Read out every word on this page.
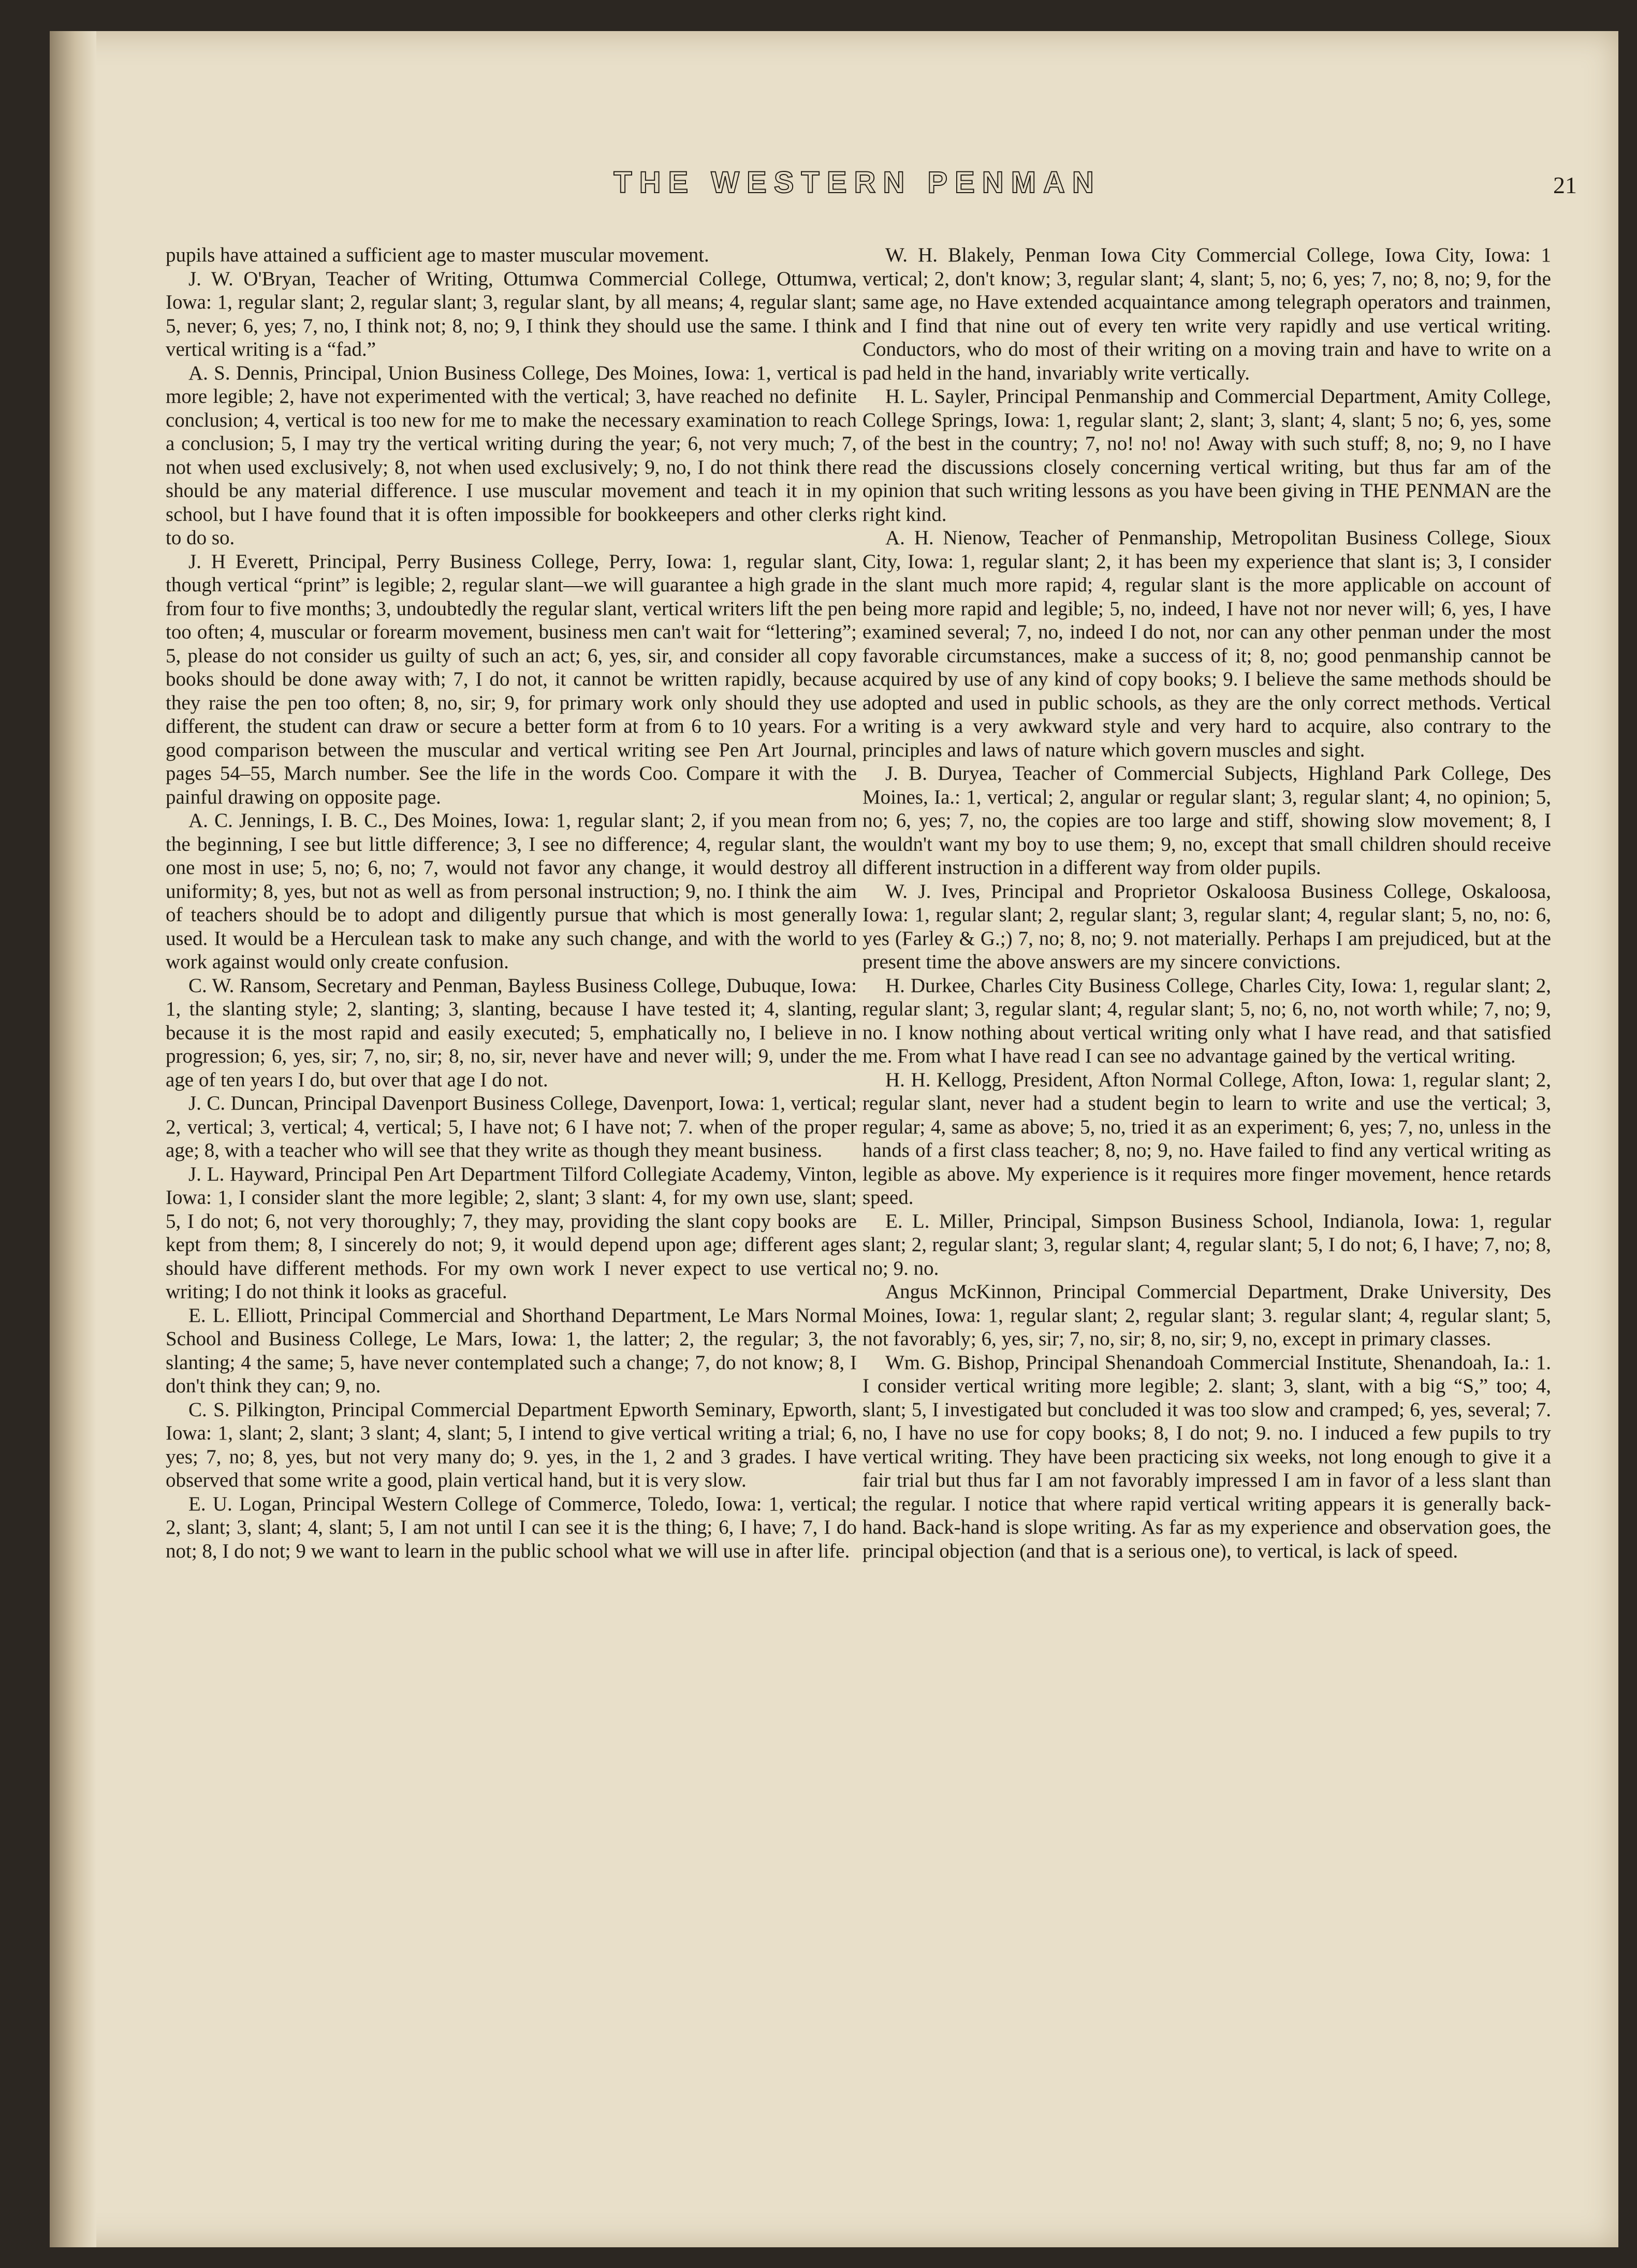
THE WESTERN PENMAN	21

pupils have attained a sufficient age to master muscular movement.

J. W. O'Bryan, Teacher of Writing, Ottumwa Commercial College, Ottumwa, Iowa: 1, regular slant; 2, regular slant; 3, regular slant, by all means; 4, regular slant; 5, never; 6, yes; 7, no, I think not; 8, no; 9, I think they should use the same. I think vertical writing is a “fad.”

A. S. Dennis, Principal, Union Business College, Des Moines, Iowa: 1, vertical is more legible; 2, have not experimented with the vertical; 3, have reached no definite conclusion; 4, vertical is too new for me to make the necessary examination to reach a conclusion; 5, I may try the vertical writing during the year; 6, not very much; 7, not when used exclusively; 8, not when used exclusively; 9, no, I do not think there should be any material difference. I use muscular movement and teach it in my school, but I have found that it is often impossible for bookkeepers and other clerks to do so.

J. H Everett, Principal, Perry Business College, Perry, Iowa: 1, regular slant, though vertical “print” is legible; 2, regular slant—we will guarantee a high grade in from four to five months; 3, undoubtedly the regular slant, vertical writers lift the pen too often; 4, muscular or forearm movement, business men can't wait for “lettering”; 5, please do not consider us guilty of such an act; 6, yes, sir, and consider all copy books should be done away with; 7, I do not, it cannot be written rapidly, because they raise the pen too often; 8, no, sir; 9, for primary work only should they use different, the student can draw or secure a better form at from 6 to 10 years. For a good comparison between the muscular and vertical writing see Pen Art Journal, pages 54–55, March number. See the life in the words Coo. Compare it with the painful drawing on opposite page.

A. C. Jennings, I. B. C., Des Moines, Iowa: 1, regular slant; 2, if you mean from the beginning, I see but little difference; 3, I see no difference; 4, regular slant, the one most in use; 5, no; 6, no; 7, would not favor any change, it would destroy all uniformity; 8, yes, but not as well as from personal instruction; 9, no. I think the aim of teachers should be to adopt and diligently pursue that which is most generally used. It would be a Herculean task to make any such change, and with the world to work against would only create confusion.

C. W. Ransom, Secretary and Penman, Bayless Business College, Dubuque, Iowa: 1, the slanting style; 2, slanting; 3, slanting, because I have tested it; 4, slanting, because it is the most rapid and easily executed; 5, emphatically no, I believe in progression; 6, yes, sir; 7, no, sir; 8, no, sir, never have and never will; 9, under the age of ten years I do, but over that age I do not.

J. C. Duncan, Principal Davenport Business College, Davenport, Iowa: 1, vertical; 2, vertical; 3, vertical; 4, vertical; 5, I have not; 6 I have not; 7. when of the proper age; 8, with a teacher who will see that they write as though they meant business.

J. L. Hayward, Principal Pen Art Department Tilford Collegiate Academy, Vinton, Iowa: 1, I consider slant the more legible; 2, slant; 3 slant: 4, for my own use, slant; 5, I do not; 6, not very thoroughly; 7, they may, providing the slant copy books are kept from them; 8, I sincerely do not; 9, it would depend upon age; different ages should have different methods. For my own work I never expect to use vertical writing; I do not think it looks as graceful.

E. L. Elliott, Principal Commercial and Shorthand Department, Le Mars Normal School and Business College, Le Mars, Iowa: 1, the latter; 2, the regular; 3, the slanting; 4 the same; 5, have never contemplated such a change; 7, do not know; 8, I don't think they can; 9, no.

C. S. Pilkington, Principal Commercial Department Epworth Seminary, Epworth, Iowa: 1, slant; 2, slant; 3 slant; 4, slant; 5, I intend to give vertical writing a trial; 6, yes; 7, no; 8, yes, but not very many do; 9. yes, in the 1, 2 and 3 grades. I have observed that some write a good, plain vertical hand, but it is very slow.

E. U. Logan, Principal Western College of Commerce, Toledo, Iowa: 1, vertical; 2, slant; 3, slant; 4, slant; 5, I am not until I can see it is the thing; 6, I have; 7, I do not; 8, I do not; 9 we want to learn in the public school what we will use in after life.

W. H. Blakely, Penman Iowa City Commercial College, Iowa City, Iowa: 1 vertical; 2, don't know; 3, regular slant; 4, slant; 5, no; 6, yes; 7, no; 8, no; 9, for the same age, no Have extended acquaintance among telegraph operators and trainmen, and I find that nine out of every ten write very rapidly and use vertical writing. Conductors, who do most of their writing on a moving train and have to write on a pad held in the hand, invariably write vertically.

H. L. Sayler, Principal Penmanship and Commercial Department, Amity College, College Springs, Iowa: 1, regular slant; 2, slant; 3, slant; 4, slant; 5 no; 6, yes, some of the best in the country; 7, no! no! no! Away with such stuff; 8, no; 9, no I have read the discussions closely concerning vertical writing, but thus far am of the opinion that such writing lessons as you have been giving in THE PENMAN are the right kind.

A. H. Nienow, Teacher of Penmanship, Metropolitan Business College, Sioux City, Iowa: 1, regular slant; 2, it has been my experience that slant is; 3, I consider the slant much more rapid; 4, regular slant is the more applicable on account of being more rapid and legible; 5, no, indeed, I have not nor never will; 6, yes, I have examined several; 7, no, indeed I do not, nor can any other penman under the most favorable circumstances, make a success of it; 8, no; good penmanship cannot be acquired by use of any kind of copy books; 9. I believe the same methods should be adopted and used in public schools, as they are the only correct methods. Vertical writing is a very awkward style and very hard to acquire, also contrary to the principles and laws of nature which govern muscles and sight.

J. B. Duryea, Teacher of Commercial Subjects, Highland Park College, Des Moines, Ia.: 1, vertical; 2, angular or regular slant; 3, regular slant; 4, no opinion; 5, no; 6, yes; 7, no, the copies are too large and stiff, showing slow movement; 8, I wouldn't want my boy to use them; 9, no, except that small children should receive different instruction in a different way from older pupils.

W. J. Ives, Principal and Proprietor Oskaloosa Business College, Oskaloosa, Iowa: 1, regular slant; 2, regular slant; 3, regular slant; 4, regular slant; 5, no, no: 6, yes (Farley & G.;) 7, no; 8, no; 9. not materially. Perhaps I am prejudiced, but at the present time the above answers are my sincere convictions.

H. Durkee, Charles City Business College, Charles City, Iowa: 1, regular slant; 2, regular slant; 3, regular slant; 4, regular slant; 5, no; 6, no, not worth while; 7, no; 9, no. I know nothing about vertical writing only what I have read, and that satisfied me. From what I have read I can see no advantage gained by the vertical writing.

H. H. Kellogg, President, Afton Normal College, Afton, Iowa: 1, regular slant; 2, regular slant, never had a student begin to learn to write and use the vertical; 3, regular; 4, same as above; 5, no, tried it as an experiment; 6, yes; 7, no, unless in the hands of a first class teacher; 8, no; 9, no. Have failed to find any vertical writing as legible as above. My experience is it requires more finger movement, hence retards speed.

E. L. Miller, Principal, Simpson Business School, Indianola, Iowa: 1, regular slant; 2, regular slant; 3, regular slant; 4, regular slant; 5, I do not; 6, I have; 7, no; 8, no; 9. no.

Angus McKinnon, Principal Commercial Department, Drake University, Des Moines, Iowa: 1, regular slant; 2, regular slant; 3. regular slant; 4, regular slant; 5, not favorably; 6, yes, sir; 7, no, sir; 8, no, sir; 9, no, except in primary classes.

Wm. G. Bishop, Principal Shenandoah Commercial Institute, Shenandoah, Ia.: 1. I consider vertical writing more legible; 2. slant; 3, slant, with a big “S,” too; 4, slant; 5, I investigated but concluded it was too slow and cramped; 6, yes, several; 7. no, I have no use for copy books; 8, I do not; 9. no. I induced a few pupils to try vertical writing. They have been practicing six weeks, not long enough to give it a fair trial but thus far I am not favorably impressed I am in favor of a less slant than the regular. I notice that where rapid vertical writing appears it is generally back-hand. Back-hand is slope writing. As far as my experience and observation goes, the principal objection (and that is a serious one), to vertical, is lack of speed.
